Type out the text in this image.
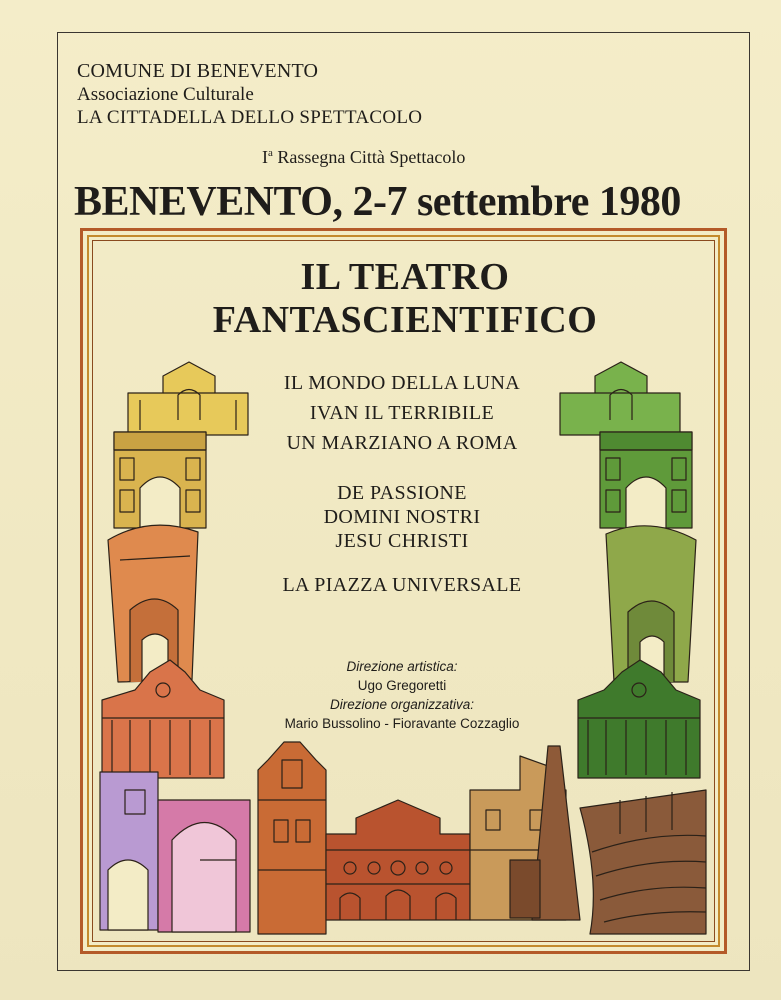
COMUNE DI BENEVENTO
Associazione Culturale
LA CITTADELLA DELLO SPETTACOLO
$I^a$ Rassegna Città Spettacolo
BENEVENTO, 2-7 settembre 1980
IL TEATRO
FANTASCIENTIFICO
IL MONDO DELLA LUNA
IVAN IL TERRIBILE
UN MARZIANO A ROMA
DE PASSIONE
DOMINI NOSTRI
JESU CHRISTI
LA PIAZZA UNIVERSALE
Direzione artistica:
Ugo Gregoretti
Direzione organizzativa:
Mario Bussolino - Fioravante Cozzaglio
